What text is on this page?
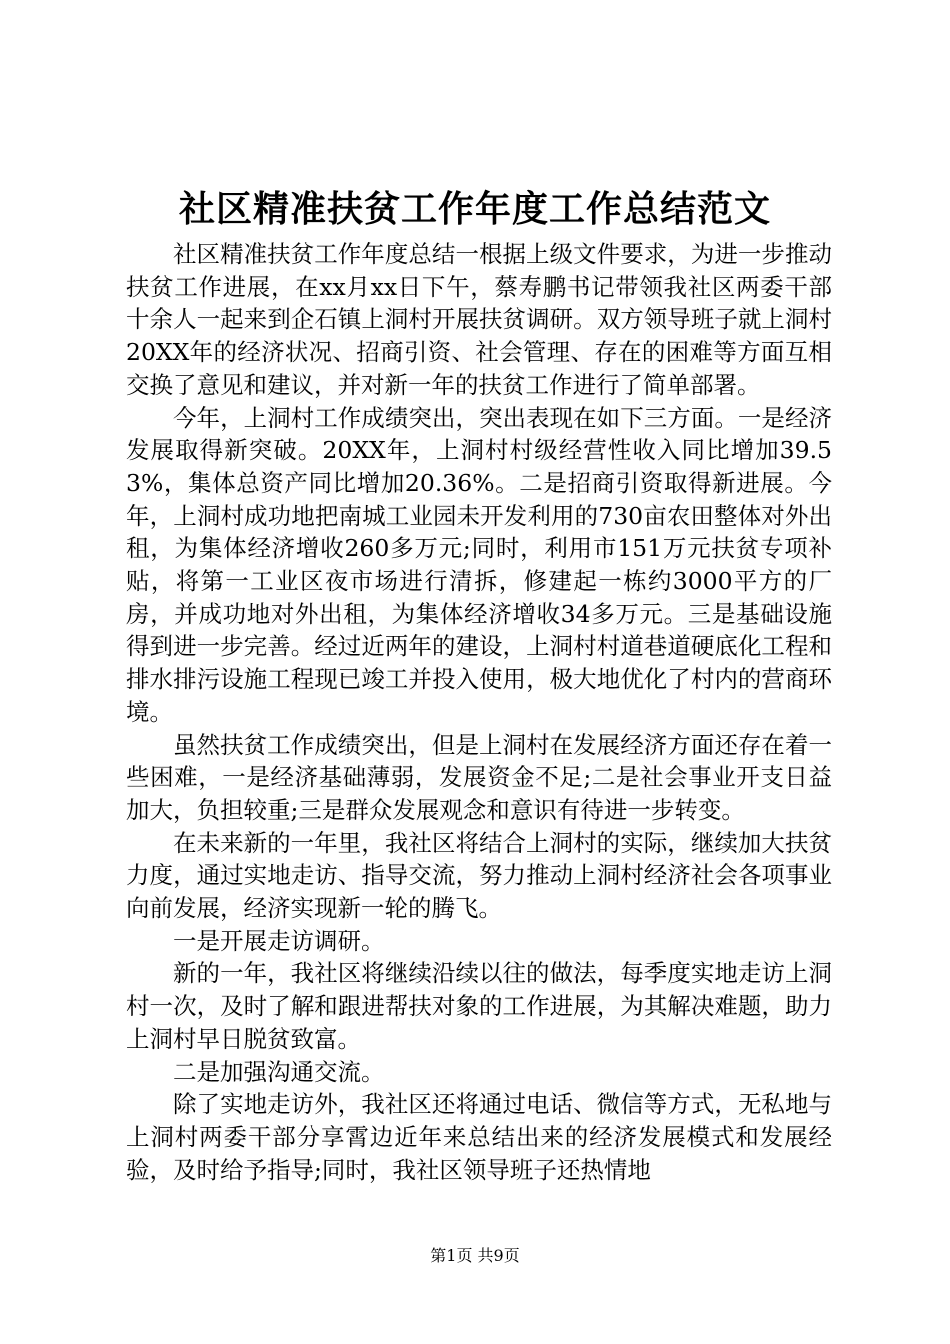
社区精准扶贫工作年度工作总结范文

社区精准扶贫工作年度总结一根据上级文件要求，为进一步推动扶贫工作进展，在xx月xx日下午，蔡寿鹏书记带领我社区两委干部十余人一起来到企石镇上洞村开展扶贫调研。双方领导班子就上洞村20XX年的经济状况、招商引资、社会管理、存在的困难等方面互相交换了意见和建议，并对新一年的扶贫工作进行了简单部署。

今年，上洞村工作成绩突出，突出表现在如下三方面。一是经济发展取得新突破。20XX年，上洞村村级经营性收入同比增加39.53%，集体总资产同比增加20.36%。二是招商引资取得新进展。今年，上洞村成功地把南城工业园未开发利用的730亩农田整体对外出租，为集体经济增收260多万元;同时，利用市151万元扶贫专项补贴，将第一工业区夜市场进行清拆，修建起一栋约3000平方的厂房，并成功地对外出租，为集体经济增收34多万元。三是基础设施得到进一步完善。经过近两年的建设，上洞村村道巷道硬底化工程和排水排污设施工程现已竣工并投入使用，极大地优化了村内的营商环境。

虽然扶贫工作成绩突出，但是上洞村在发展经济方面还存在着一些困难，一是经济基础薄弱，发展资金不足;二是社会事业开支日益加大，负担较重;三是群众发展观念和意识有待进一步转变。

在未来新的一年里，我社区将结合上洞村的实际，继续加大扶贫力度，通过实地走访、指导交流，努力推动上洞村经济社会各项事业向前发展，经济实现新一轮的腾飞。

一是开展走访调研。

新的一年，我社区将继续沿续以往的做法，每季度实地走访上洞村一次，及时了解和跟进帮扶对象的工作进展，为其解决难题，助力上洞村早日脱贫致富。

二是加强沟通交流。

除了实地走访外，我社区还将通过电话、微信等方式，无私地与上洞村两委干部分享霄边近年来总结出来的经济发展模式和发展经验，及时给予指导;同时，我社区领导班子还热情地

第1页 共9页
